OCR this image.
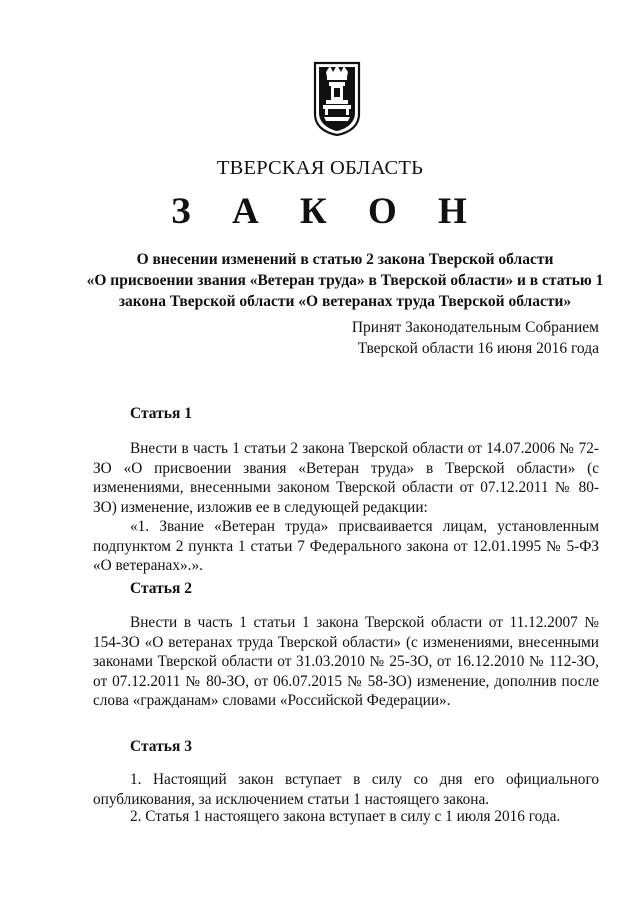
ТВЕРСКАЯ ОБЛАСТЬ
З А К О Н
О внесении изменений в статью 2 закона Тверской области
«О присвоении звания «Ветеран труда» в Тверской области» и в статью 1
закона Тверской области «О ветеранах труда Тверской области»
Принят Законодательным Собранием
Тверской области 16 июня 2016 года
Статья 1

Внести в часть 1 статьи 2 закона Тверской области от 14.07.2006 № 72-ЗО «О присвоении звания «Ветеран труда» в Тверской области» (с изменениями, внесенными законом Тверской области от 07.12.2011 № 80-ЗО) изменение, изложив ее в следующей редакции:

«1. Звание «Ветеран труда» присваивается лицам, установленным подпунктом 2 пункта 1 статьи 7 Федерального закона от 12.01.1995 № 5-ФЗ «О ветеранах».».

Статья 2

Внести в часть 1 статьи 1 закона Тверской области от 11.12.2007 № 154-ЗО «О ветеранах труда Тверской области» (с изменениями, внесенными законами Тверской области от 31.03.2010 № 25-ЗО, от 16.12.2010 № 112-ЗО, от 07.12.2011 № 80-ЗО, от 06.07.2015 № 58-ЗО) изменение, дополнив после слова «гражданам» словами «Российской Федерации».

Статья 3

1. Настоящий закон вступает в силу со дня его официального опубликования, за исключением статьи 1 настоящего закона.

2. Статья 1 настоящего закона вступает в силу с 1 июля 2016 года.
